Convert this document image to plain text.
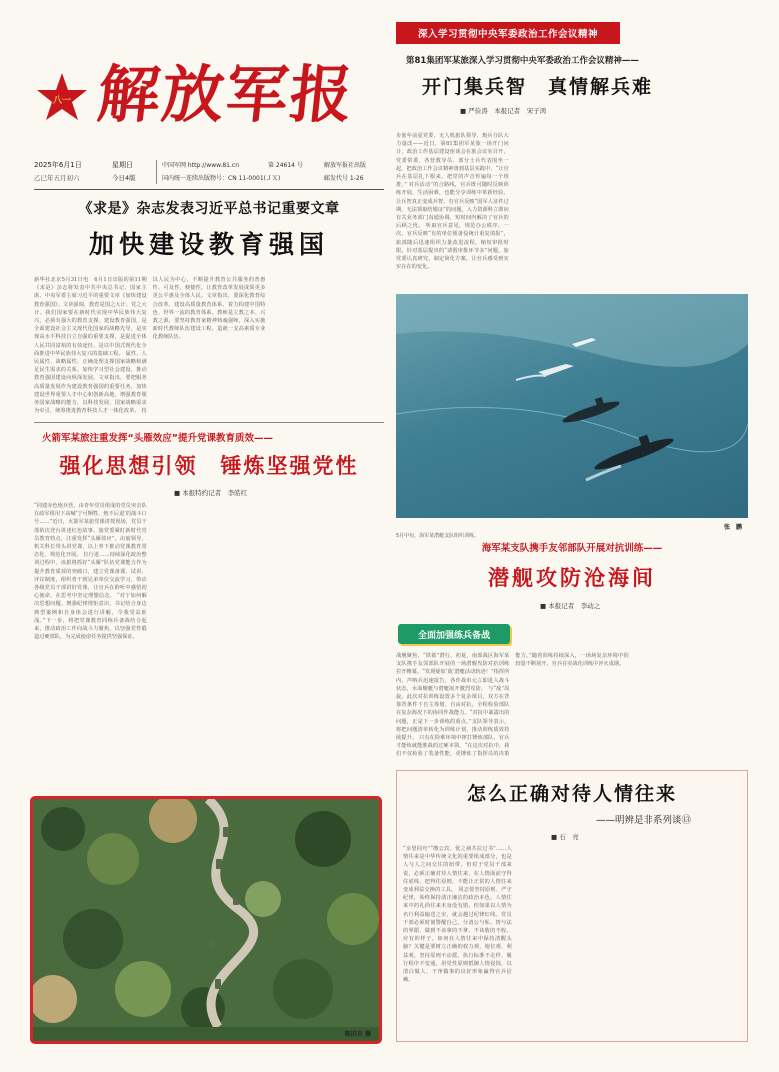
八一 解放军报
2025年6月1日	星期日
乙巳年五月初六	今日4版
中国军网 http://www.81.cn	第 24614 号	解放军报社出版
国内统一连续出版物号：CN 11-0001(ＪＸ)	邮发代号 1-26
深入学习贯彻中央军委政治工作会议精神
第81集团军某旅深入学习贯彻中央军委政治工作会议精神——
开门集兵智　真情解兵难
■ 严俭涛　本报记者　宋子鸿
步旅年前夏党委、无人机旅队领导、炮兵分队大力量改——近日，第81集团军某旅一场开门问计，政治工作基层建设座谈会在旅会议室召开，党委常委、各营教导员、部分士兵代表围坐一起，把政治工作会议精神落到基层实践中。“让官兵在基层扎下根来，把党的声音传遍每一个班排。” 对兵活动”的合路线，官兵既可随时反映训练开展，生活困难，也能分享训练中革新经验。让兵智真正变成兵智。有官兵反映“国军人证件过期，无法领取结婚证”的问题，入力资源科立即向有关业务部门沟通协调，短时间内解决了官兵的后顾之忧。 听取官兵意见，规范办公秩序。一次，官兵反映“有的单位预备役统计重复填报”，旅部随后迅速组织力量改进流程，缩短审批时限。针对基层提出的“请假审批环节多”问题，旅党委认真研究，制定简化方案，让官兵感受到实实在在的变化。
5月中旬，海军某潜艇支队组织训练。
张　鹏
《求是》杂志发表习近平总书记重要文章
加快建设教育强国
新华社北京5月31日电　6月1日出版的第11期《求是》杂志将发表中共中央总书记、国家主席、中央军委主席习近平的重要文章《加快建设教育强国》。文章强调，教育是国之大计、党之大计。我们国家要在新时代实现中华民族伟大复兴，必须有强大的教育支撑。建设教育强国，是全面建设社会主义现代化国家的战略先导，是实现高水平科技自立自强的重要支撑，是促进全体人民共同富裕的有效途径，是以中国式现代化全面推进中华民族伟大复兴的基础工程。 属性、人民属性、战略属性，正确处理支撑国家战略和满足民生需求的关系，加快学习型社会建设，推动教育强国建设向纵深发展。文章指出，要把服务高质量发展作为建设教育强国的重要任务，加快建设世界重要人才中心和创新高地，增强教育服务国家战略的能力，以科技发展、国家战略需求为牵引，统筹推进教育科技人才一体化改革。 持以人民为中心，不断提升教育公共服务的普惠性、可及性、便捷性，让教育改革发展成果更多更公平惠及全体人民。文章指出，要深化教育综合改革，建设高质量教育体系，着力构建中国特色、世界一流的教育体系。教师是立教之本、兴教之源，要坚持教育家精神铸魂强师，深入实施新时代教师队伍建设工程，造就一支高素质专业化教师队伍。
火箭军某旅注重发挥“头雁效应”提升党课教育质效——
强化思想引领　锤炼坚强党性
■ 本报特约记者　李皓红
“同建赤色炮兵营，由青年党员组成的党员突击队在政军组用下高喊‘宁可牺牲，炮不后退’的战斗口号……”近日，火箭军某旅党课讲授现场，党员干部依次登台讲述红色故事。旅党委紧盯新时代党员教育特点，注重发挥“头雁效应”，由旅领导、机关科长带头讲党课，以上率下推动党课教育常态化、规范化开展。 位行进……持续深化政治整训过程中，该旅将抓好“头雁”队伍党课能力作为提升教育质效的突破口，建立党课备课、试讲、评议制度，组织骨干到兄弟单位交流学习，带动各级党员干部讲好党课，让官兵在聆听中感悟初心使命，在思考中坚定理想信念。 “对于如何解决思想问题、增强纪律规矩意识，书记结合身边典型案例和自身体会进行讲解，令我受益匪浅。”下一步，将把党课教育同练兵备战结合起来，推动政治工作向战斗力聚焦，以坚强党性锻造过硬部队，为完成使命任务提供坚强保证。
夏日，旅某装备车队驶向训练场。
陈旧吉 摄
海军某支队携手友邻部队开展对抗训练——
潜舰攻防沧海间
■ 本报记者　李动之
全面加强练兵备战
战舰聚焦，“铁鲨”潜行。初夏，南部战区海军某支队携手友邻部队开展的一场潜舰攻防对抗训练拉开帷幕。“发现疑似‘敌’潜艇活动轨迹！”指挥所内，声呐兵迅速报告，各作战单元立即进入战斗状态，水面舰艇与潜艇展开激烈攻防。 与“敌”周旋。此次对抗训练设置多个复杂课目，双方在背靠背条件下自主筹划、自由对抗，全程检验部队在复杂海况下的协同作战能力。“对抗中暴露出的问题，正是下一步训练的重点。”支队领导表示，将把问题清单转化为训练计划，推动训练质效持续提升。 只有在险难环境中摔打锤炼部队，官兵才能练就能胜战的过硬本领。“在这次对抗中，我们不仅检验了装备性能，更锤炼了指挥员的决策能力。”随着训练持续深入，一场场复杂环境中的较量不断展开，官兵在实战化训练中淬火成钢。
怎么正确对待人情往来
——明辨是非系列谈⑬
■ 石　亮
“亲望同舟”“缴公宾、忧之祯共拉过书”……人情往来是中华传统文化的重要组成部分，也是人与人之间交往的纽带。但对于党员干部来说，必须正确对待人情往来，在人情面前守得住底线、把得住原则，不能让正常的人情往来变成利益交换的工具。 同志要坚持原则、严守纪律，始终保持清正廉洁的政治本色。人情往来中的礼尚往来本身没有错，但如果以人情为名行利益输送之实，就会越过纪律红线。党员干部必须时刻警醒自己，分清公与私、情与法的界限，做到不该拿的不拿、不该收的不收。 应有的样子。如何在人情往来中保持清醒头脑？关键是要树立正确的权力观、地位观、利益观，坚持原则不动摇、执行标准不走样、履行程序不变通，用党性原则抵御人情侵蚀，以清白做人、干净做事的良好形象赢得官兵信赖。
